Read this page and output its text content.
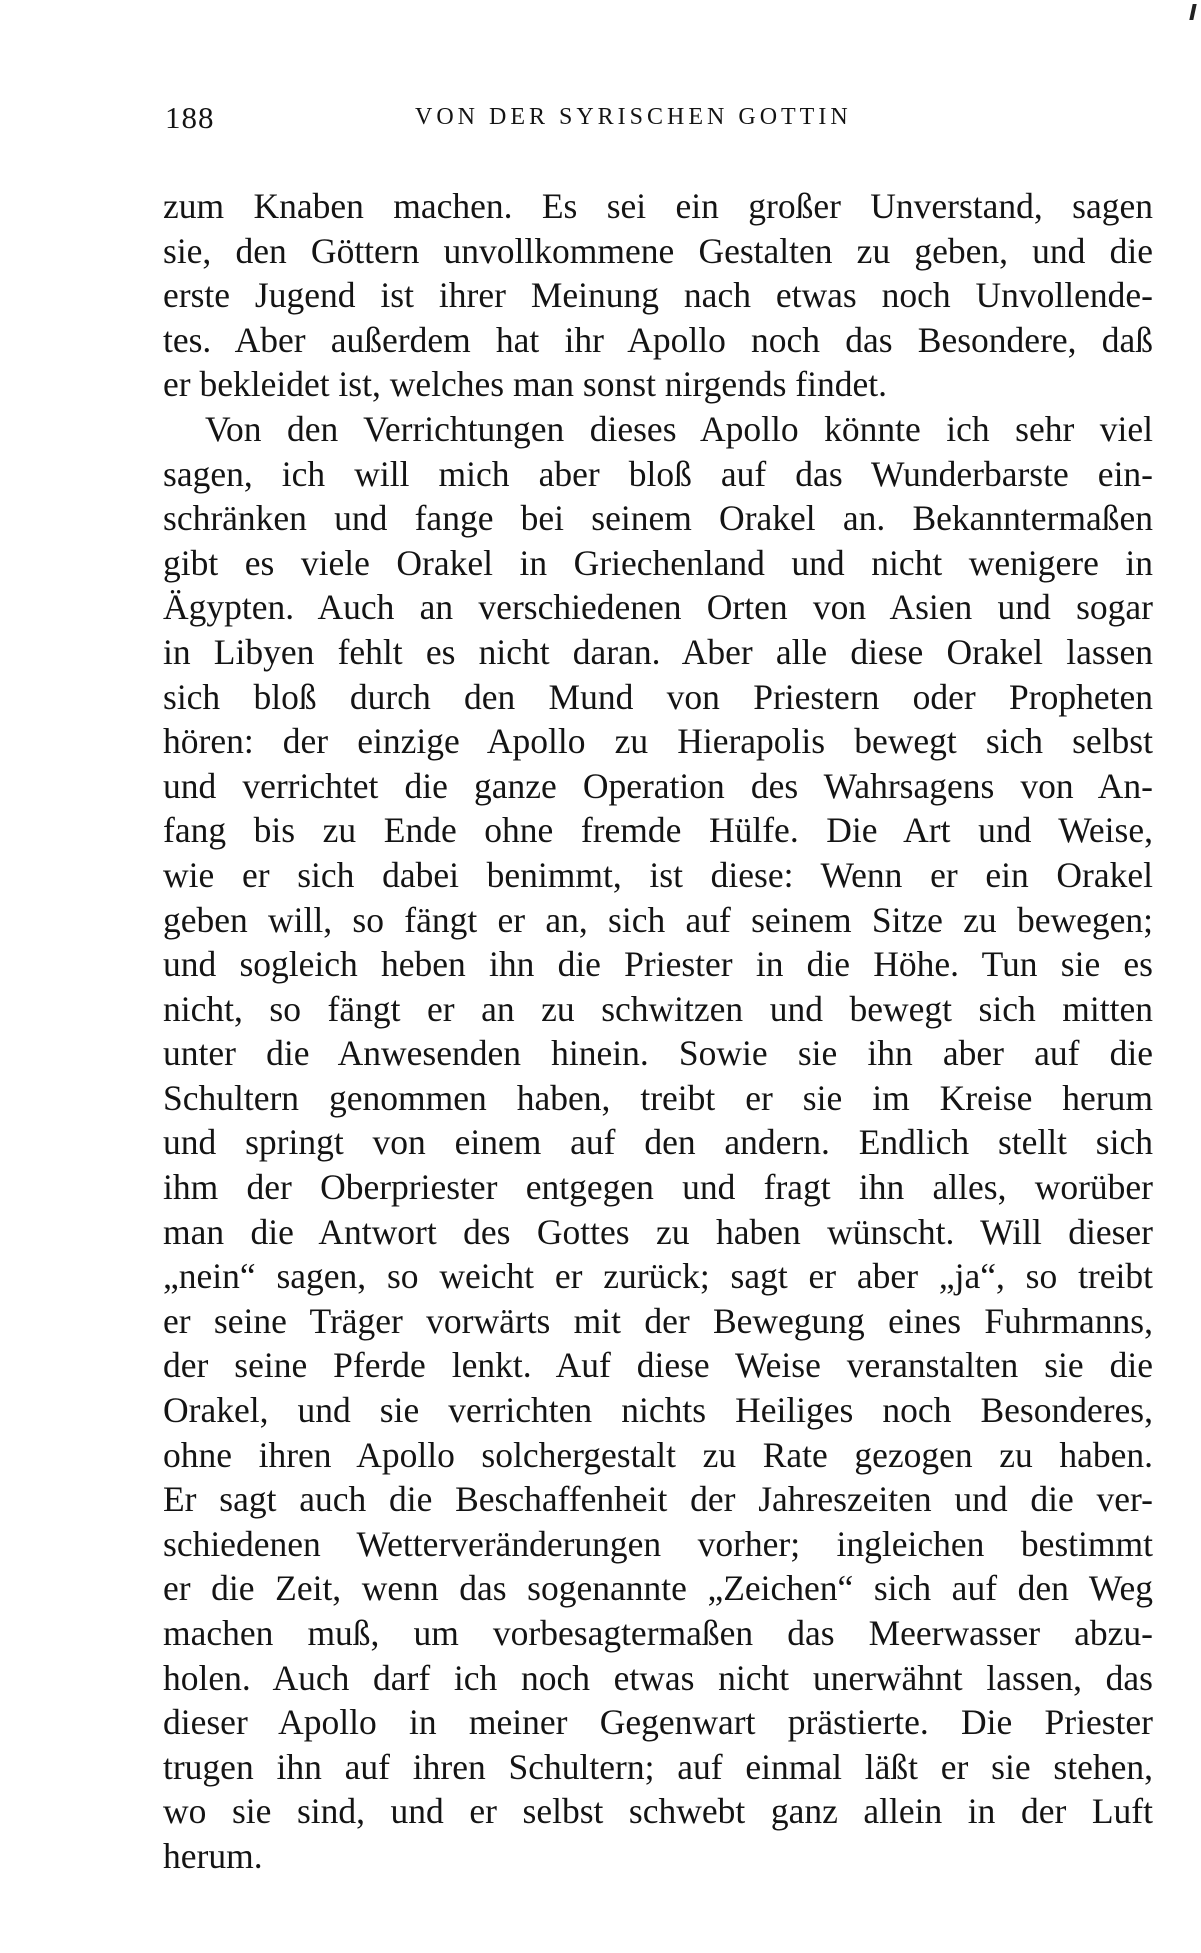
188	VON DER SYRISCHEN GOTTIN
zum Knaben machen. Es sei ein großer Unverstand, sagen
sie, den Göttern unvollkommene Gestalten zu geben, und die
erste Jugend ist ihrer Meinung nach etwas noch Unvollende-
tes. Aber außerdem hat ihr Apollo noch das Besondere, daß
er bekleidet ist, welches man sonst nirgends findet.
Von den Verrichtungen dieses Apollo könnte ich sehr viel
sagen, ich will mich aber bloß auf das Wunderbarste ein-
schränken und fange bei seinem Orakel an. Bekanntermaßen
gibt es viele Orakel in Griechenland und nicht wenigere in
Ägypten. Auch an verschiedenen Orten von Asien und sogar
in Libyen fehlt es nicht daran. Aber alle diese Orakel lassen
sich bloß durch den Mund von Priestern oder Propheten
hören: der einzige Apollo zu Hierapolis bewegt sich selbst
und verrichtet die ganze Operation des Wahrsagens von An-
fang bis zu Ende ohne fremde Hülfe. Die Art und Weise,
wie er sich dabei benimmt, ist diese: Wenn er ein Orakel
geben will, so fängt er an, sich auf seinem Sitze zu bewegen;
und sogleich heben ihn die Priester in die Höhe. Tun sie es
nicht, so fängt er an zu schwitzen und bewegt sich mitten
unter die Anwesenden hinein. Sowie sie ihn aber auf die
Schultern genommen haben, treibt er sie im Kreise herum
und springt von einem auf den andern. Endlich stellt sich
ihm der Oberpriester entgegen und fragt ihn alles, worüber
man die Antwort des Gottes zu haben wünscht. Will dieser
„nein“ sagen, so weicht er zurück; sagt er aber „ja“, so treibt
er seine Träger vorwärts mit der Bewegung eines Fuhrmanns,
der seine Pferde lenkt. Auf diese Weise veranstalten sie die
Orakel, und sie verrichten nichts Heiliges noch Besonderes,
ohne ihren Apollo solchergestalt zu Rate gezogen zu haben.
Er sagt auch die Beschaffenheit der Jahreszeiten und die ver-
schiedenen Wetterveränderungen vorher; ingleichen bestimmt
er die Zeit, wenn das sogenannte „Zeichen“ sich auf den Weg
machen muß, um vorbesagtermaßen das Meerwasser abzu-
holen. Auch darf ich noch etwas nicht unerwähnt lassen, das
dieser Apollo in meiner Gegenwart prästierte. Die Priester
trugen ihn auf ihren Schultern; auf einmal läßt er sie stehen,
wo sie sind, und er selbst schwebt ganz allein in der Luft
herum.
